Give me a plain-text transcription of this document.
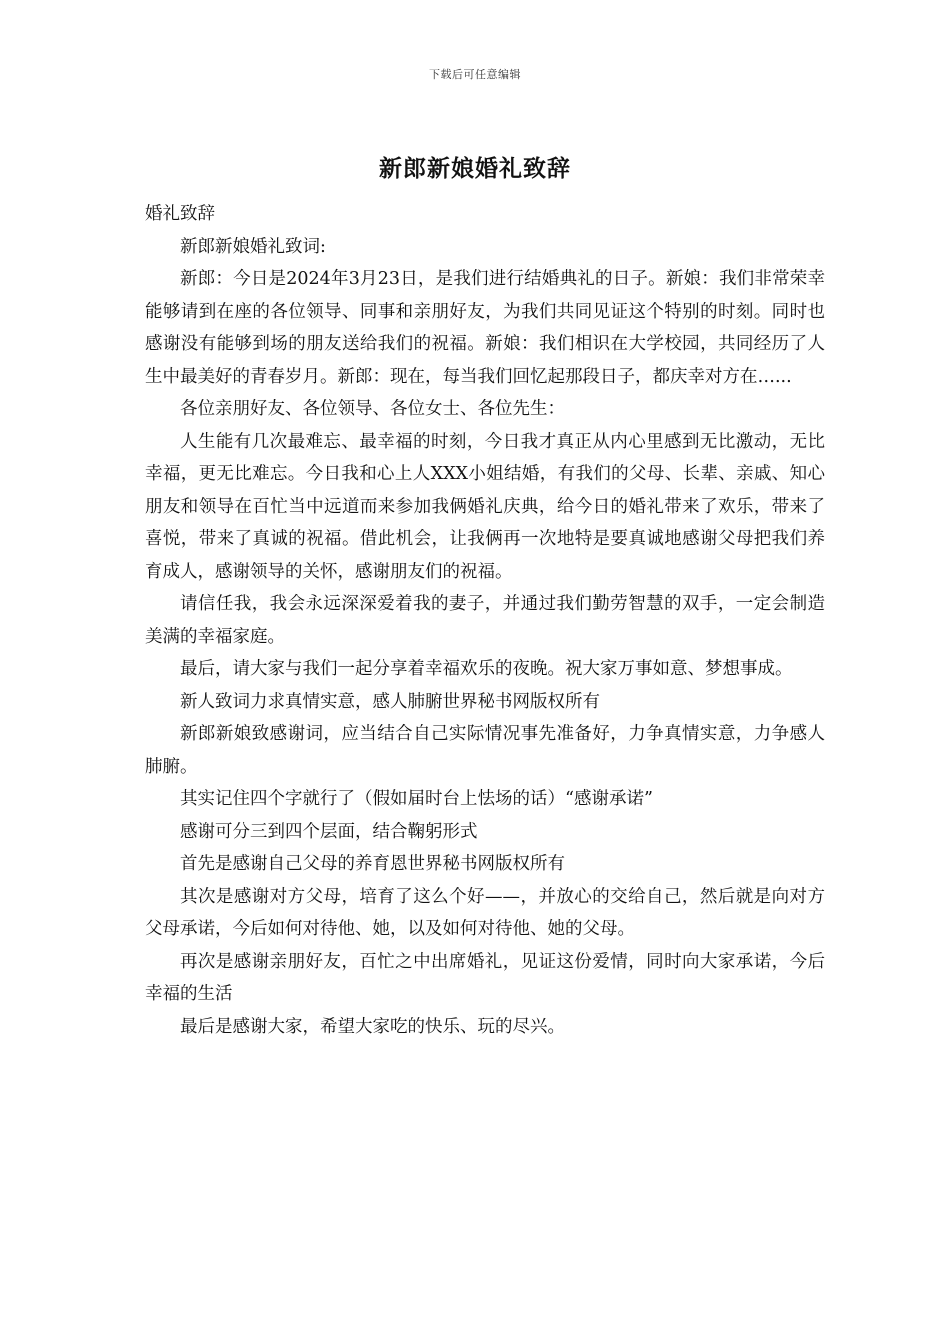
下载后可任意编辑
新郎新娘婚礼致辞

婚礼致辞

新郎新娘婚礼致词:

新郎：今日是2024年3月23日，是我们进行结婚典礼的日子。新娘：我们非常荣幸能够请到在座的各位领导、同事和亲朋好友，为我们共同见证这个特别的时刻。同时也感谢没有能够到场的朋友送给我们的祝福。新娘：我们相识在大学校园，共同经历了人生中最美好的青春岁月。新郎：现在，每当我们回忆起那段日子，都庆幸对方在…...

各位亲朋好友、各位领导、各位女士、各位先生：

人生能有几次最难忘、最幸福的时刻，今日我才真正从内心里感到无比激动，无比幸福，更无比难忘。今日我和心上人XXX小姐结婚，有我们的父母、长辈、亲戚、知心朋友和领导在百忙当中远道而来参加我俩婚礼庆典，给今日的婚礼带来了欢乐，带来了喜悦，带来了真诚的祝福。借此机会，让我俩再一次地特是要真诚地感谢父母把我们养育成人，感谢领导的关怀，感谢朋友们的祝福。

请信任我，我会永远深深爱着我的妻子，并通过我们勤劳智慧的双手，一定会制造美满的幸福家庭。

最后，请大家与我们一起分享着幸福欢乐的夜晚。祝大家万事如意、梦想事成。

新人致词力求真情实意，感人肺腑世界秘书网版权所有

新郎新娘致感谢词，应当结合自己实际情况事先准备好，力争真情实意，力争感人肺腑。

其实记住四个字就行了（假如届时台上怯场的话）“感谢承诺”

感谢可分三到四个层面，结合鞠躬形式

首先是感谢自己父母的养育恩世界秘书网版权所有

其次是感谢对方父母，培育了这么个好——，并放心的交给自己，然后就是向对方父母承诺，今后如何对待他、她，以及如何对待他、她的父母。

再次是感谢亲朋好友，百忙之中出席婚礼，见证这份爱情，同时向大家承诺，今后幸福的生活

最后是感谢大家，希望大家吃的快乐、玩的尽兴。
